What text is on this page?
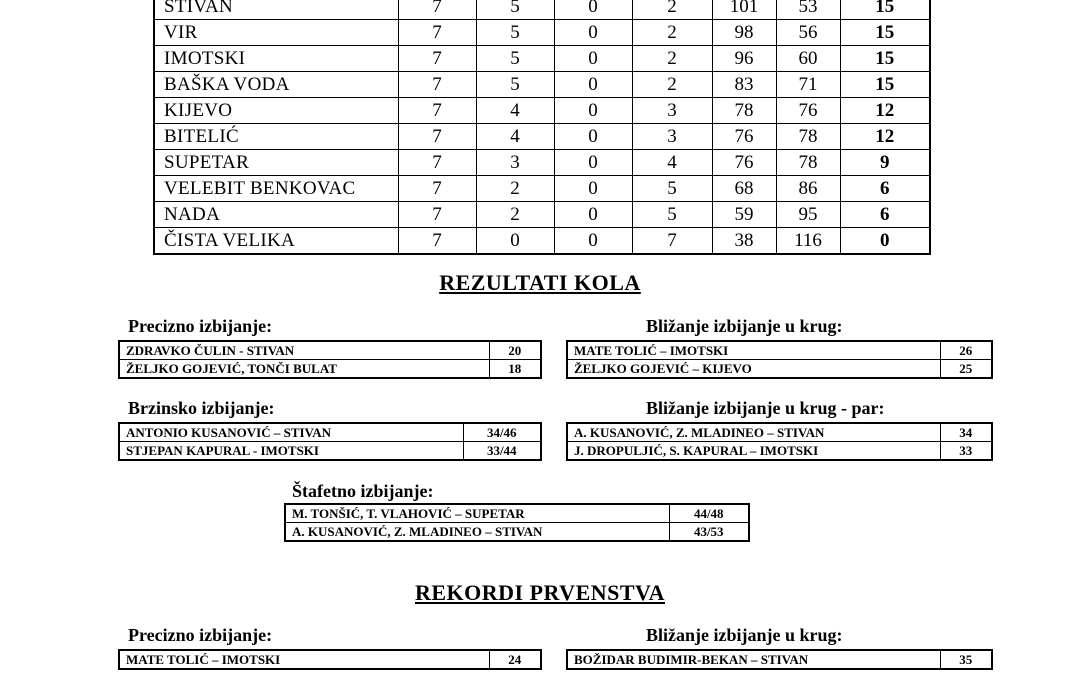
STIVAN	7	5	0	2	101	53	15
VIR	7	5	0	2	98	56	15
IMOTSKI	7	5	0	2	96	60	15
BAŠKA VODA	7	5	0	2	83	71	15
KIJEVO	7	4	0	3	78	76	12
BITELIĆ	7	4	0	3	76	78	12
SUPETAR	7	3	0	4	76	78	9
VELEBIT BENKOVAC	7	2	0	5	68	86	6
NADA	7	2	0	5	59	95	6
ČISTA VELIKA	7	0	0	7	38	116	0
REZULTATI KOLA

Precizno izbijanje:

ZDRAVKO ČULIN - STIVAN	20
ŽELJKO GOJEVIĆ, TONČI BULAT	18

Bližanje izbijanje u krug:

MATE TOLIĆ – IMOTSKI	26
ŽELJKO GOJEVIĆ – KIJEVO	25

Brzinsko izbijanje:

ANTONIO KUSANOVIĆ – STIVAN	34/46
STJEPAN KAPURAL - IMOTSKI	33/44

Bližanje izbijanje u krug - par:

A. KUSANOVIĆ, Z. MLADINEO – STIVAN	34
J. DROPULJIĆ, S. KAPURAL – IMOTSKI	33

Štafetno izbijanje:

M. TONŠIĆ, T. VLAHOVIĆ – SUPETAR	44/48
A. KUSANOVIĆ, Z. MLADINEO – STIVAN	43/53
REKORDI PRVENSTVA

Precizno izbijanje:

MATE TOLIĆ – IMOTSKI	24

Bližanje izbijanje u krug:

BOŽIDAR BUDIMIR-BEKAN – STIVAN	35
